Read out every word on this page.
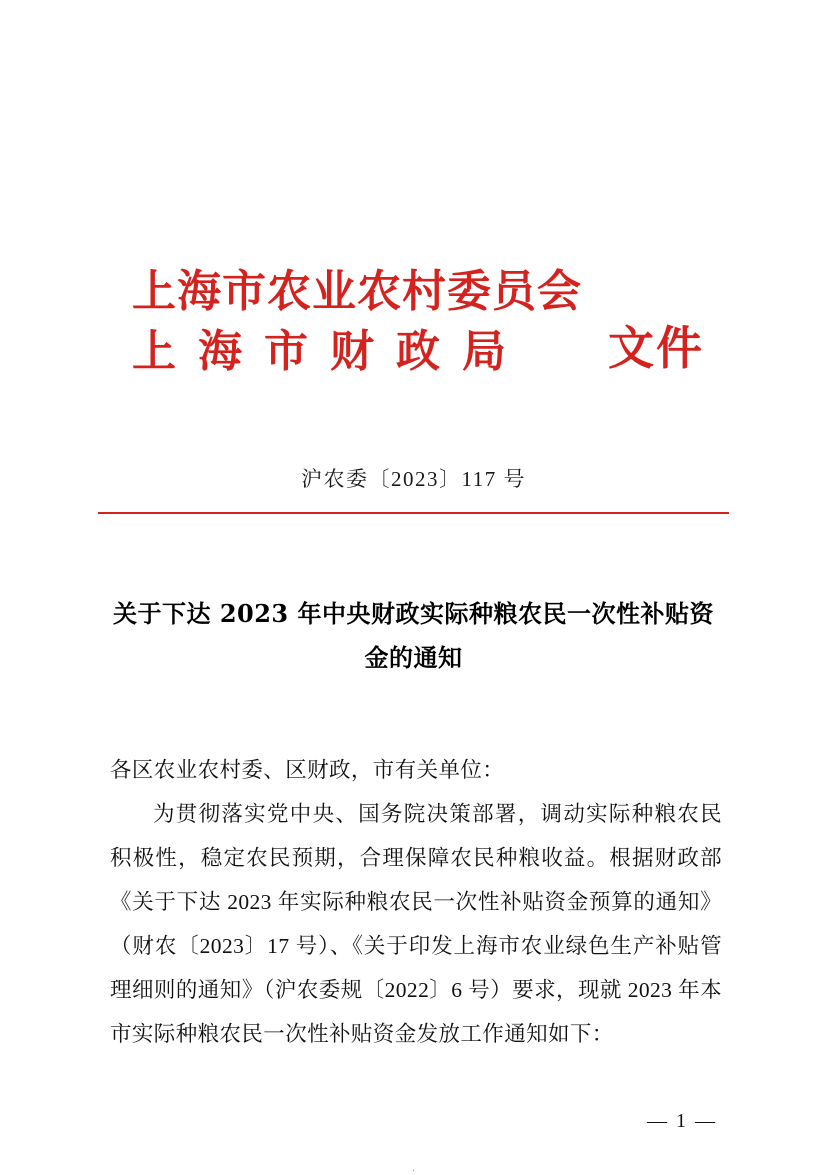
上海市农业农村委员会
上海市财政局	文件
沪农委〔2023〕117 号
关于下达 2023 年中央财政实际种粮农民一次性补贴资金的通知

各区农业农村委、区财政，市有关单位：

为贯彻落实党中央、国务院决策部署，调动实际种粮农民积极性，稳定农民预期，合理保障农民种粮收益。根据财政部《关于下达 2023 年实际种粮农民一次性补贴资金预算的通知》（财农〔2023〕17 号）、《关于印发上海市农业绿色生产补贴管理细则的通知》（沪农委规〔2022〕6 号）要求，现就 2023 年本市实际种粮农民一次性补贴资金发放工作通知如下：

— 1 —
.
